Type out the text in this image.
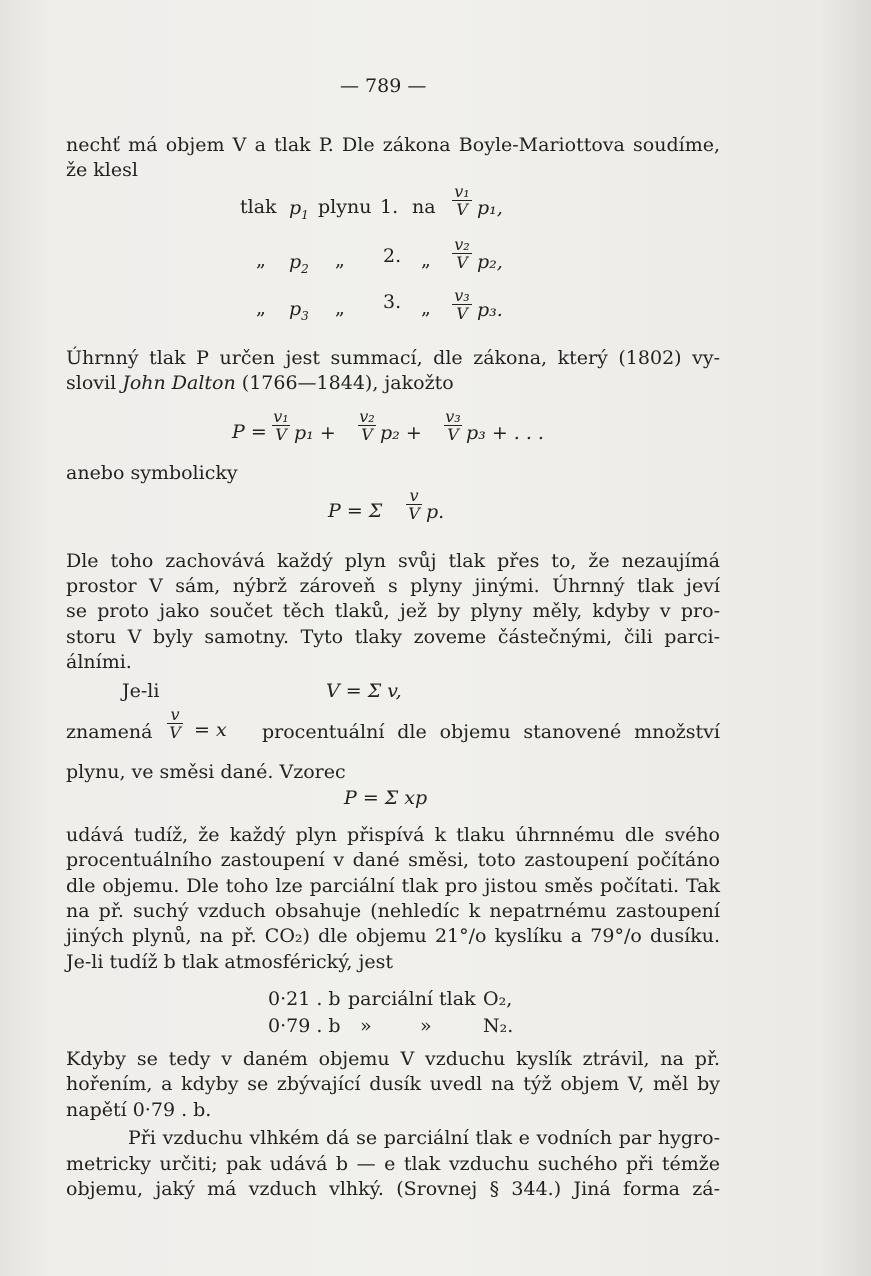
— 789 —
nechť má objem V a tlak P. Dle zákona Boyle-Mariottova soudíme,
že klesl
tlak $p_1$ plynu 1. na $\frac{\text{v₁}}{V} p_1$,
„ $p_2$ „ 2. „ $\frac{\text{v₂}}{V} p_2$,
„ $p_3$ „ 3. „ $\frac{\text{v₃}}{V} p_3$.
Úhrnný tlak P určen jest summací, dle zákona, který (1802) vy-
slovil John Dalton (1766—1844), jakožto
$P = \frac{\text{v₁}}{V} p_1 + \frac{\text{v₂}}{V} p_2 + \frac{\text{v₃}}{V} p_3$ + . . .
anebo symbolicky
P = Σ $\frac{v}{V} p$.
Dle toho zachovává každý plyn svůj tlak přes to, že nezaujímá
prostor V sám, nýbrž zároveň s plyny jinými. Úhrnný tlak jeví
se proto jako součet těch tlaků, jež by plyny měly, kdyby v pro-
storu V byly samotny. Tyto tlaky zoveme částečnými, čili parci-
álními.
Je-li	V = Σ v,
znamená $\frac{v}{V} = x$ procentuální dle objemu stanovené množství
plynu, ve směsi dané. Vzorec
P = Σ xp
udává tudíž, že každý plyn přispívá k tlaku úhrnnému dle svého
procentuálního zastoupení v dané směsi, toto zastoupení počítáno
dle objemu. Dle toho lze parciální tlak pro jistou směs počítati. Tak
na př. suchý vzduch obsahuje (nehledíc k nepatrnému zastoupení
jiných plynů, na př. CO₂) dle objemu 21°/o kyslíku a 79°/o dusíku.
Je-li tudíž b tlak atmosférický, jest
0·21 . b parciální tlak O₂,
0·79 . b »        »	N₂.
Kdyby se tedy v daném objemu V vzduchu kyslík ztrávil, na př.
hořením, a kdyby se zbývající dusík uvedl na týž objem V, měl by
napětí 0·79 . b.
Při vzduchu vlhkém dá se parciální tlak e vodních par hygro-
metricky určiti; pak udává b — e tlak vzduchu suchého při témže
objemu, jaký má vzduch vlhký. (Srovnej § 344.) Jiná forma zá-
